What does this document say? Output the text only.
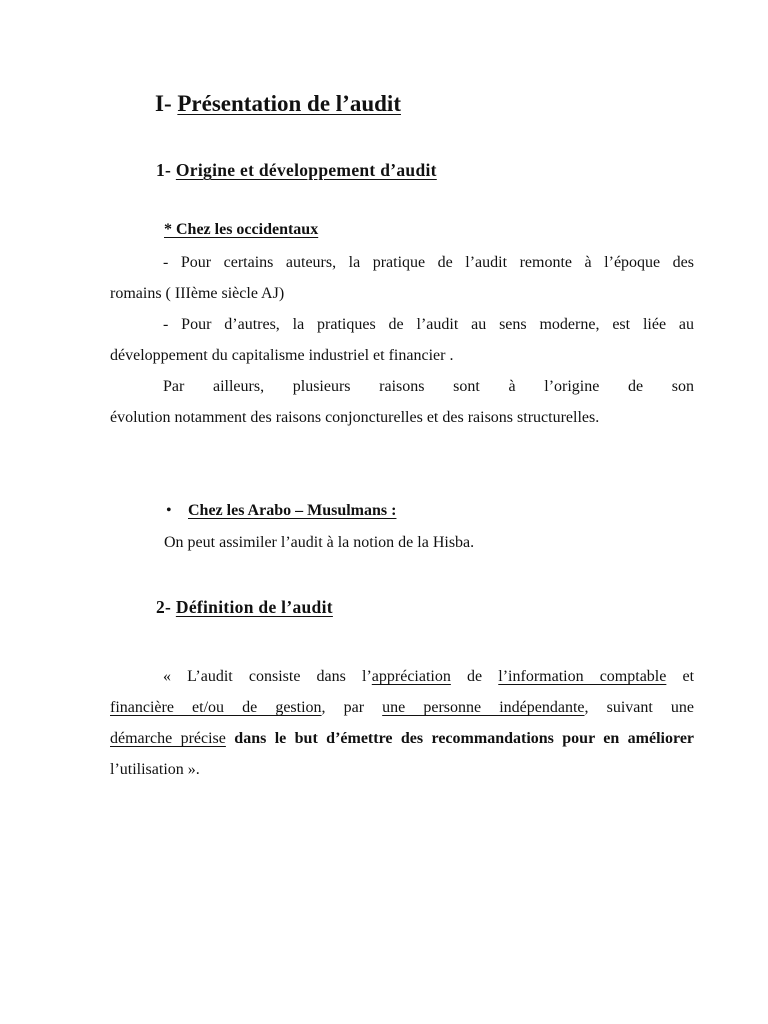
I- Présentation de l’audit
1- Origine et développement d’audit
* Chez les occidentaux
- Pour certains auteurs, la pratique de l’audit remonte à l’époque des
romains ( IIIème siècle AJ)
- Pour d’autres, la pratiques de l’audit au sens moderne, est liée au
développement du capitalisme industriel et financier .
Par ailleurs, plusieurs raisons sont à l’origine de son
évolution notamment des raisons conjoncturelles et des raisons structurelles.
• Chez les Arabo – Musulmans :
On peut assimiler l’audit à la notion de la Hisba.
2- Définition de l’audit
« L’audit consiste dans l’appréciation de l’information comptable et
financière et/ou de gestion, par une personne indépendante, suivant une
démarche précise dans le but d’émettre des recommandations pour en améliorer
l’utilisation ».
